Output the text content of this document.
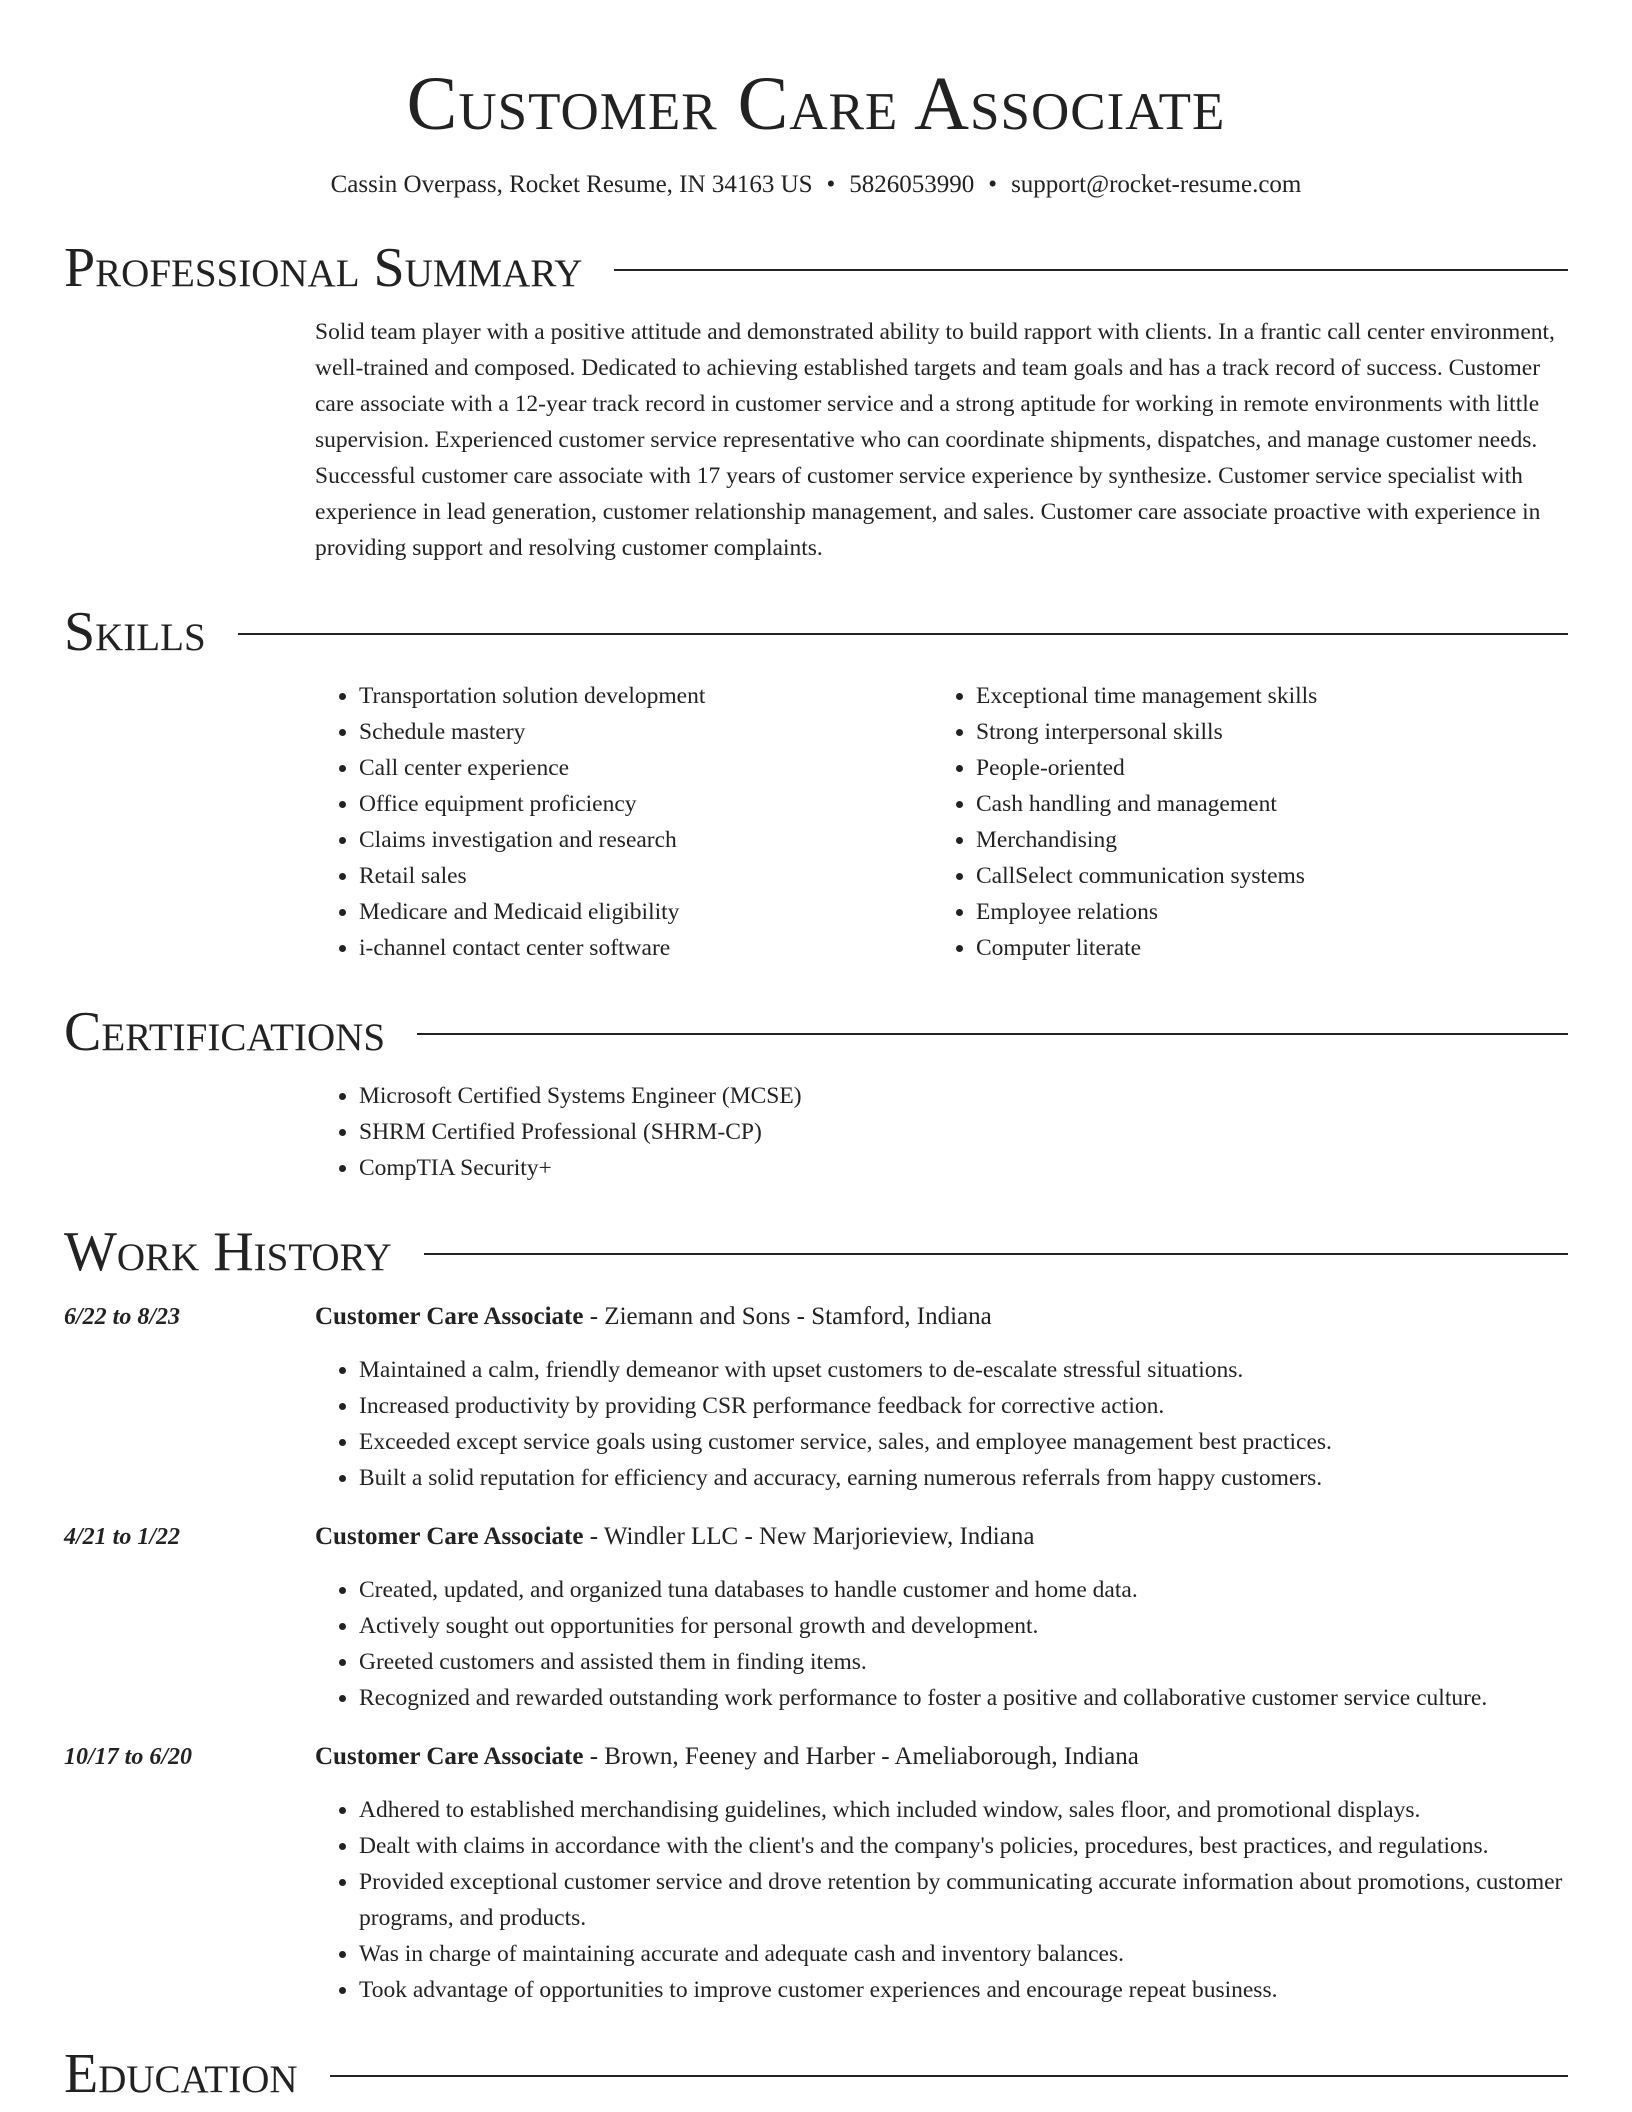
Customer Care Associate
Cassin Overpass, Rocket Resume, IN 34163 US • 5826053990 • support@rocket-resume.com
Professional Summary
Solid team player with a positive attitude and demonstrated ability to build rapport with clients. In a frantic call center environment, well-trained and composed. Dedicated to achieving established targets and team goals and has a track record of success. Customer care associate with a 12-year track record in customer service and a strong aptitude for working in remote environments with little supervision. Experienced customer service representative who can coordinate shipments, dispatches, and manage customer needs. Successful customer care associate with 17 years of customer service experience by synthesize. Customer service specialist with experience in lead generation, customer relationship management, and sales. Customer care associate proactive with experience in providing support and resolving customer complaints.
Skills
• Transportation solution development
• Schedule mastery
• Call center experience
• Office equipment proficiency
• Claims investigation and research
• Retail sales
• Medicare and Medicaid eligibility
• i-channel contact center software
• Exceptional time management skills
• Strong interpersonal skills
• People-oriented
• Cash handling and management
• Merchandising
• CallSelect communication systems
• Employee relations
• Computer literate
Certifications
• Microsoft Certified Systems Engineer (MCSE)
• SHRM Certified Professional (SHRM-CP)
• CompTIA Security+
Work History
6/22 to 8/23	Customer Care Associate - Ziemann and Sons - Stamford, Indiana
• Maintained a calm, friendly demeanor with upset customers to de-escalate stressful situations.
• Increased productivity by providing CSR performance feedback for corrective action.
• Exceeded except service goals using customer service, sales, and employee management best practices.
• Built a solid reputation for efficiency and accuracy, earning numerous referrals from happy customers.
4/21 to 1/22	Customer Care Associate - Windler LLC - New Marjorieview, Indiana
• Created, updated, and organized tuna databases to handle customer and home data.
• Actively sought out opportunities for personal growth and development.
• Greeted customers and assisted them in finding items.
• Recognized and rewarded outstanding work performance to foster a positive and collaborative customer service culture.
10/17 to 6/20	Customer Care Associate - Brown, Feeney and Harber - Ameliaborough, Indiana
• Adhered to established merchandising guidelines, which included window, sales floor, and promotional displays.
• Dealt with claims in accordance with the client's and the company's policies, procedures, best practices, and regulations.
• Provided exceptional customer service and drove retention by communicating accurate information about promotions, customer programs, and products.
• Was in charge of maintaining accurate and adequate cash and inventory balances.
• Took advantage of opportunities to improve customer experiences and encourage repeat business.
Education
